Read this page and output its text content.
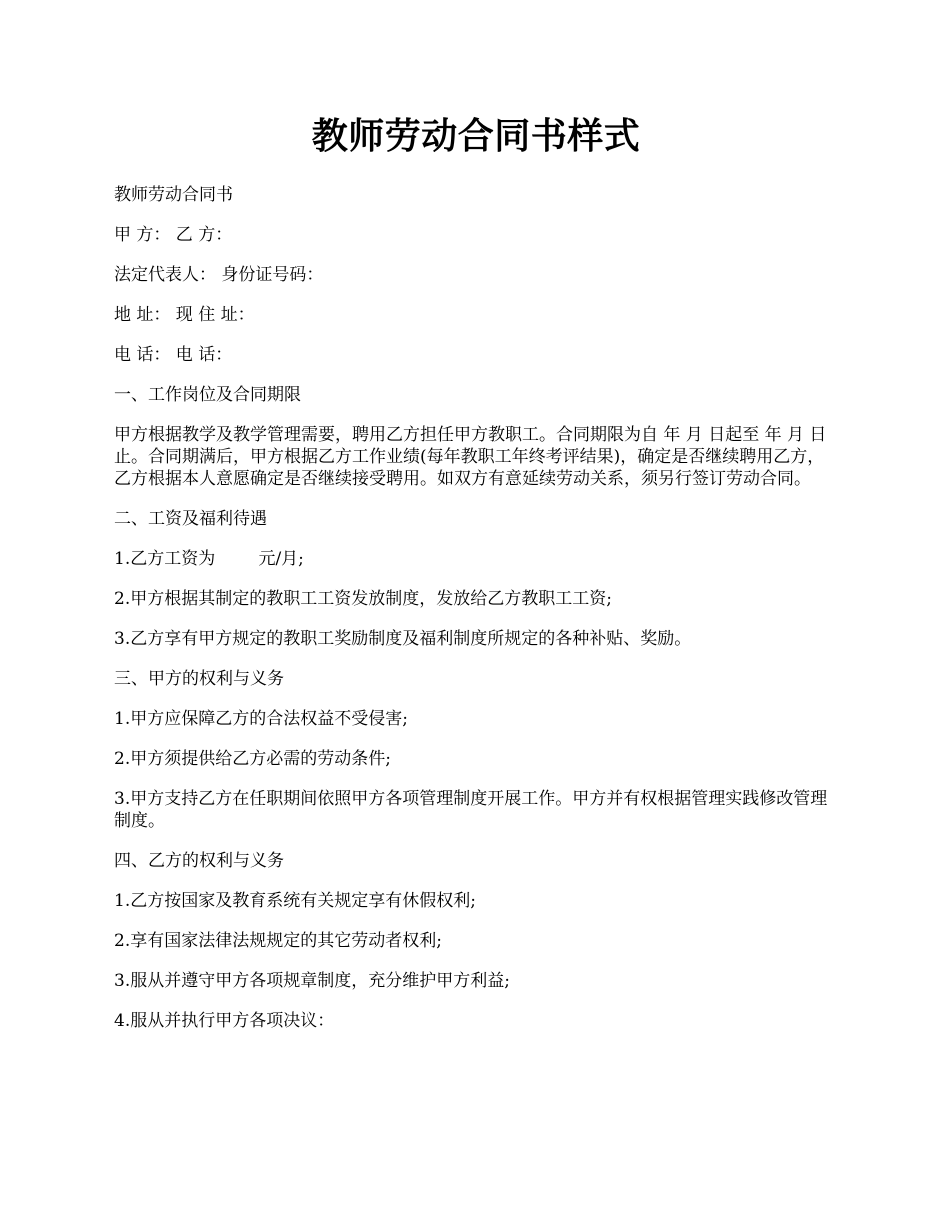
教师劳动合同书样式

教师劳动合同书

甲 方： 乙 方：

法定代表人： 身份证号码：

地 址： 现 住 址：

电 话： 电 话：

一、工作岗位及合同期限

甲方根据教学及教学管理需要，聘用乙方担任甲方教职工。合同期限为自 年 月 日起至 年 月 日止。合同期满后，甲方根据乙方工作业绩(每年教职工年终考评结果)，确定是否继续聘用乙方，乙方根据本人意愿确定是否继续接受聘用。如双方有意延续劳动关系，须另行签订劳动合同。

二、工资及福利待遇

1.乙方工资为        元/月;

2.甲方根据其制定的教职工工资发放制度，发放给乙方教职工工资;

3.乙方享有甲方规定的教职工奖励制度及福利制度所规定的各种补贴、奖励。

三、甲方的权利与义务

1.甲方应保障乙方的合法权益不受侵害;

2.甲方须提供给乙方必需的劳动条件;

3.甲方支持乙方在任职期间依照甲方各项管理制度开展工作。甲方并有权根据管理实践修改管理制度。

四、乙方的权利与义务

1.乙方按国家及教育系统有关规定享有休假权利;

2.享有国家法律法规规定的其它劳动者权利;

3.服从并遵守甲方各项规章制度，充分维护甲方利益;

4.服从并执行甲方各项决议：
